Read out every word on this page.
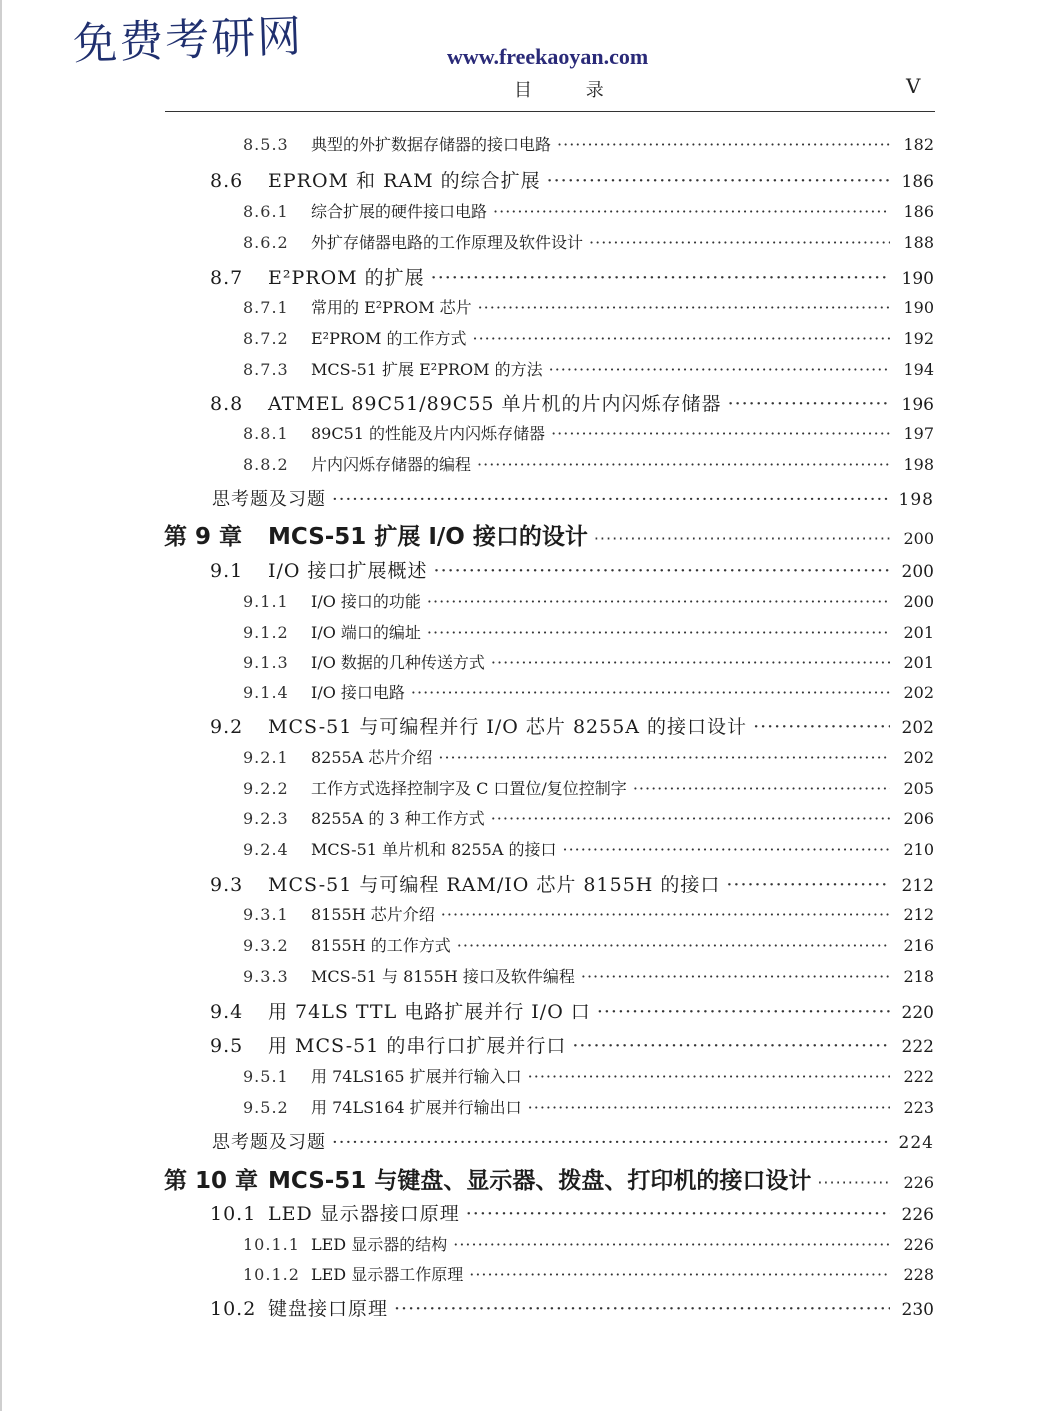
免费考研网	www.freekaoyan.com
目 录	V
8.5.3	典型的外扩数据存储器的接口电路 ·····	182
8.6	EPROM 和 RAM 的综合扩展 ·····	186
8.6.1	综合扩展的硬件接口电路 ·····	186
8.6.2	外扩存储器电路的工作原理及软件设计 ·····	188
8.7	E²PROM 的扩展 ·····	190
8.7.1	常用的 E²PROM 芯片 ·····	190
8.7.2	E²PROM 的工作方式 ·····	192
8.7.3	MCS-51 扩展 E²PROM 的方法 ·····	194
8.8	ATMEL 89C51/89C55 单片机的片内闪烁存储器 ·····	196
8.8.1	89C51 的性能及片内闪烁存储器 ·····	197
8.8.2	片内闪烁存储器的编程 ·····	198
思考题及习题 ·····	198
第 9 章	MCS-51 扩展 I/O 接口的设计 ·····	200
9.1	I/O 接口扩展概述 ·····	200
9.1.1	I/O 接口的功能 ·····	200
9.1.2	I/O 端口的编址 ·····	201
9.1.3	I/O 数据的几种传送方式 ·····	201
9.1.4	I/O 接口电路 ·····	202
9.2	MCS-51 与可编程并行 I/O 芯片 8255A 的接口设计 ·····	202
9.2.1	8255A 芯片介绍 ·····	202
9.2.2	工作方式选择控制字及 C 口置位/复位控制字 ·····	205
9.2.3	8255A 的 3 种工作方式 ·····	206
9.2.4	MCS-51 单片机和 8255A 的接口 ·····	210
9.3	MCS-51 与可编程 RAM/IO 芯片 8155H 的接口 ·····	212
9.3.1	8155H 芯片介绍 ·····	212
9.3.2	8155H 的工作方式 ·····	216
9.3.3	MCS-51 与 8155H 接口及软件编程 ·····	218
9.4	用 74LS TTL 电路扩展并行 I/O 口 ·····	220
9.5	用 MCS-51 的串行口扩展并行口 ·····	222
9.5.1	用 74LS165 扩展并行输入口 ·····	222
9.5.2	用 74LS164 扩展并行输出口 ·····	223
思考题及习题 ·····	224
第 10 章 MCS-51 与键盘、显示器、拨盘、打印机的接口设计 ·····	226
10.1 LED 显示器接口原理 ·····	226
10.1.1 LED 显示器的结构 ·····	226
10.1.2 LED 显示器工作原理 ·····	228
10.2 键盘接口原理 ·····	230
